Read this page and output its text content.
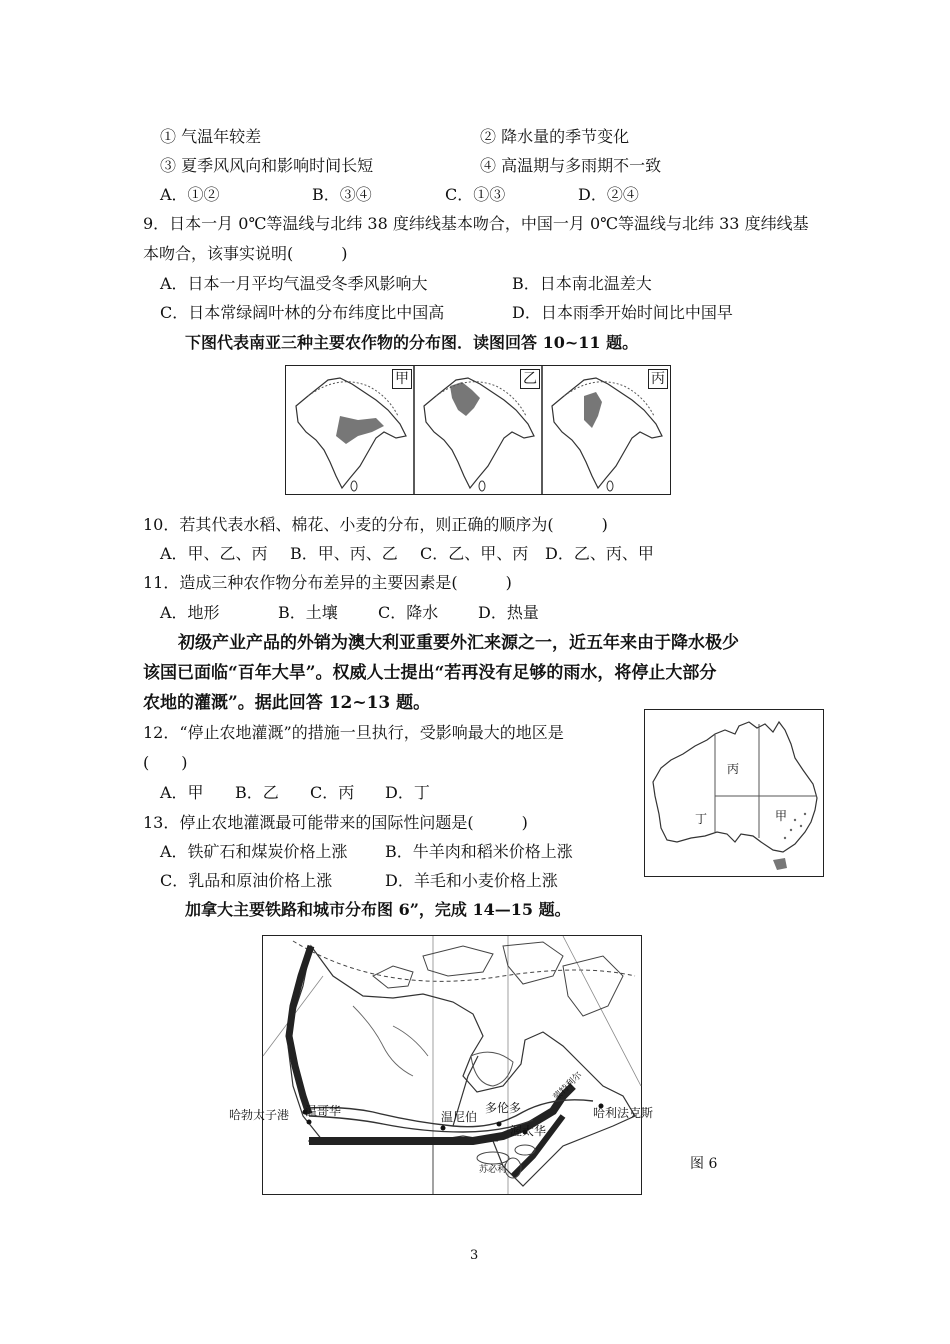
① 气温年较差	② 降水量的季节变化
③ 夏季风风向和影响时间长短	④ 高温期与多雨期不一致
A．①②	B．③④	C．①③	D．②④
9．日本一月 0℃等温线与北纬 38 度纬线基本吻合，中国一月 0℃等温线与北纬 33 度纬线基
本吻合，该事实说明(　　　)
A．日本一月平均气温受冬季风影响大	B．日本南北温差大
C．日本常绿阔叶林的分布纬度比中国高	D．日本雨季开始时间比中国早
下图代表南亚三种主要农作物的分布图．读图回答 10~11 题。
甲	乙	丙
10．若其代表水稻、棉花、小麦的分布，则正确的顺序为(　　　)
A．甲、乙、丙 B．甲、丙、乙 C．乙、甲、丙 D．乙、丙、甲
11．造成三种农作物分布差异的主要因素是(　　　)
A．地形	B．土壤	C．降水 D．热量
初级产业产品的外销为澳大利亚重要外汇来源之一，近五年来由于降水极少
该国已面临“百年大旱”。权威人士提出“若再没有足够的雨水，将停止大部分
农地的灌溉”。据此回答 12~13 题。
12．“停止农地灌溉”的措施一旦执行，受影响最大的地区是
(　　)
A．甲 B．乙 C．丙 D．丁
丙
丁	甲
13．停止农地灌溉最可能带来的国际性问题是(　　　)
A．铁矿石和煤炭价格上涨 B．牛羊肉和稻米价格上涨
C．乳品和原油价格上涨	D．羊毛和小麦价格上涨
加拿大主要铁路和城市分布图 6”，完成 14—15 题。
哈勃太子港 温哥华	温尼伯
多伦多
渥太华
哈利法克斯
蒙特利尔
苏必利	图 6
3
